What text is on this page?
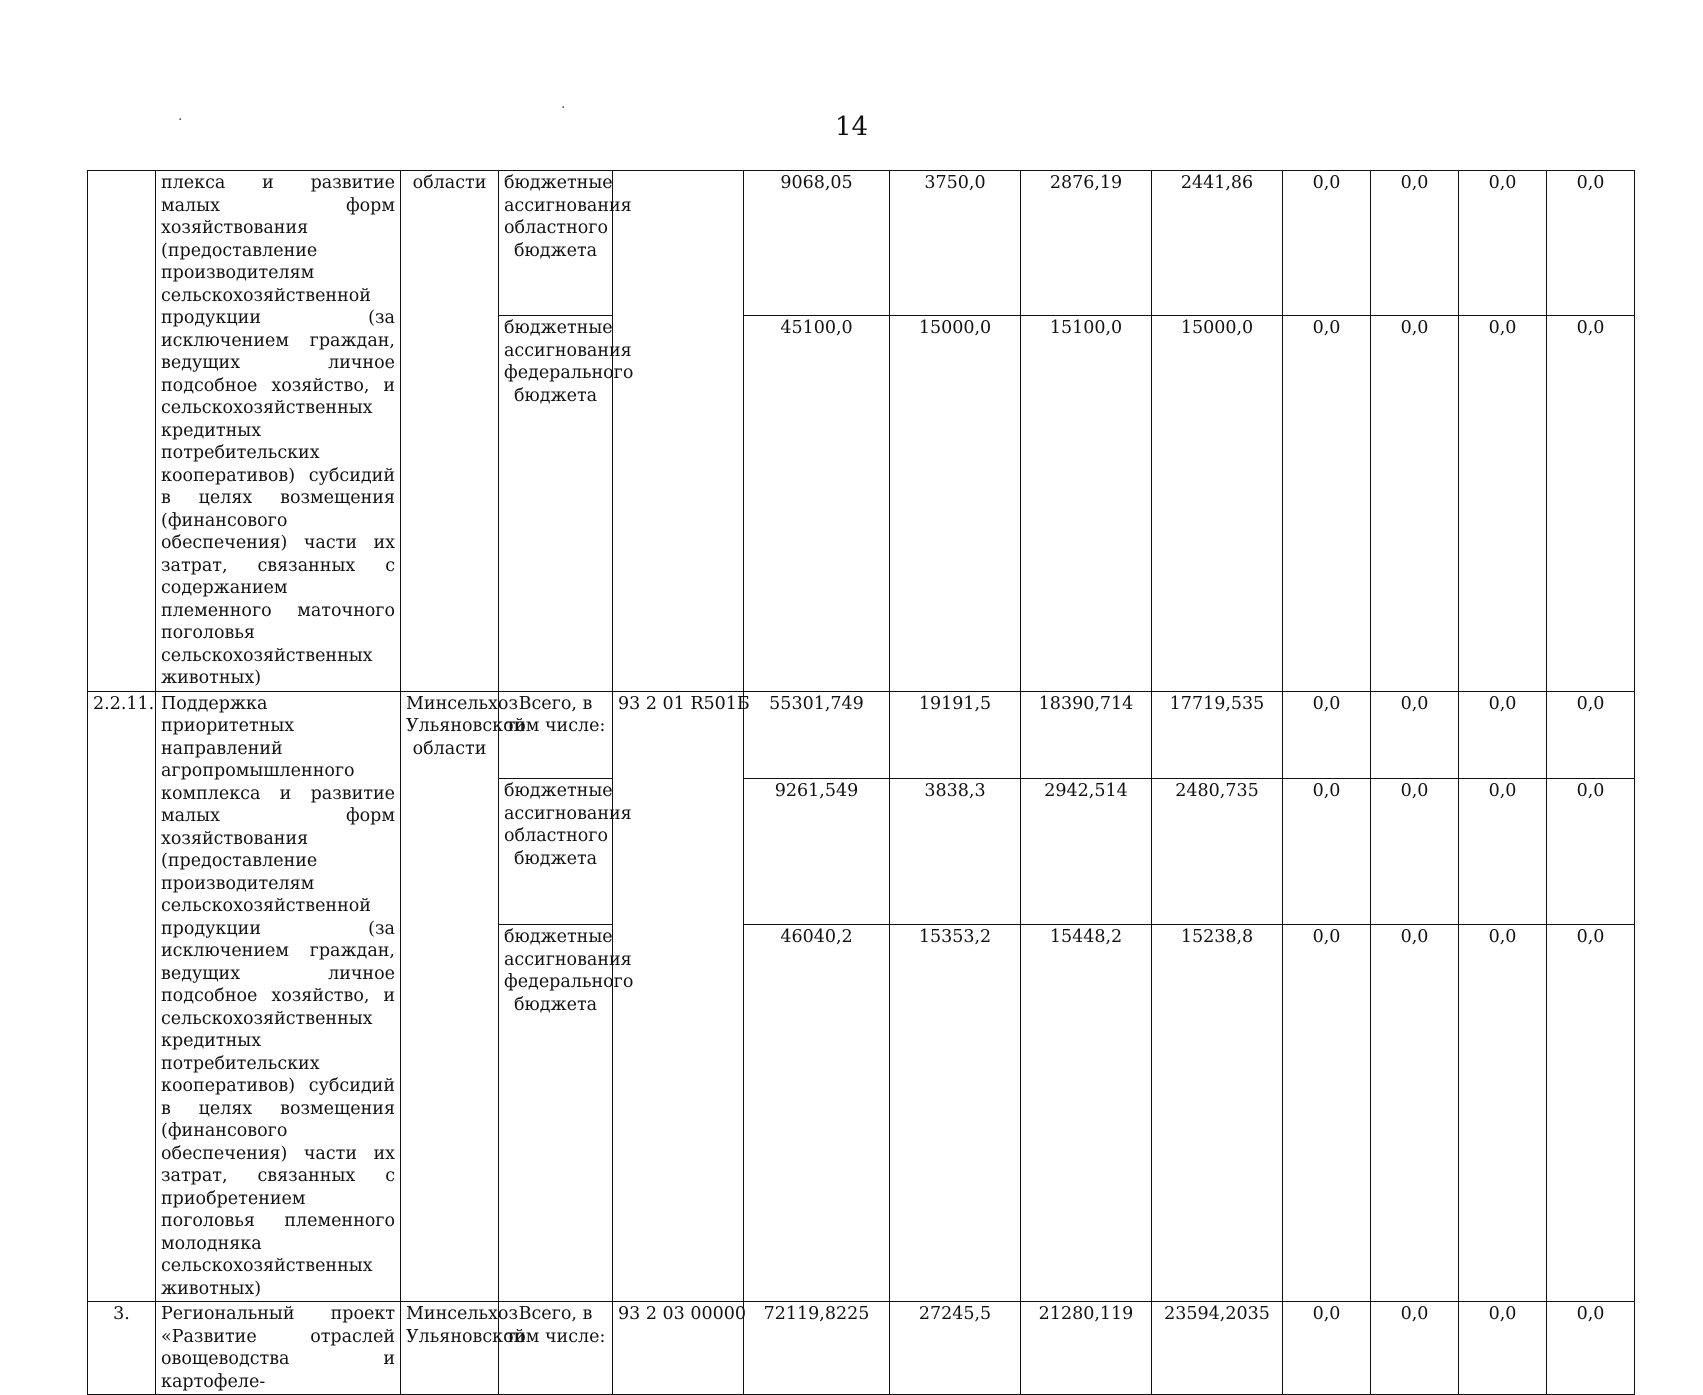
14
·
·
	плекса и развитие малых форм хозяйствования (предоставление производителям сельскохозяйственной продукции (за исключением граждан, ведущих личное подсобное хозяйство, и сельскохозяйственных кредитных потребительских кооперативов) субсидий в целях возмещения (финансового обеспечения) части их затрат, связанных с содержанием племенного маточного поголовья сельскохозяйственных животных)	области	бюджетные ассигнования областного бюджета		9068,05	3750,0	2876,19	2441,86	0,0	0,0	0,0	0,0
			бюджетные ассигнования федерального бюджета		45100,0	15000,0	15100,0	15000,0	0,0	0,0	0,0	0,0
2.2.11.	Поддержка приоритетных направлений агропромышленного комплекса и развитие малых форм хозяйствования (предоставление производителям сельскохозяйственной продукции (за исключением граждан, ведущих личное подсобное хозяйство, и сельскохозяйственных кредитных потребительских кооперативов) субсидий в целях возмещения (финансового обеспечения) части их затрат, связанных с приобретением поголовья племенного молодняка сельскохозяйственных животных)	Минсельхоз Ульяновской области	Всего, в том числе:	93 2 01 R501Б	55301,749	19191,5	18390,714	17719,535	0,0	0,0	0,0	0,0
			бюджетные ассигнования областного бюджета		9261,549	3838,3	2942,514	2480,735	0,0	0,0	0,0	0,0
			бюджетные ассигнования федерального бюджета		46040,2	15353,2	15448,2	15238,8	0,0	0,0	0,0	0,0
3.	Региональный проект «Развитие отраслей овощеводства и картофеле-	Минсельхоз Ульяновской	Всего, в том числе:	93 2 03 00000	72119,8225	27245,5	21280,119	23594,2035	0,0	0,0	0,0	0,0
